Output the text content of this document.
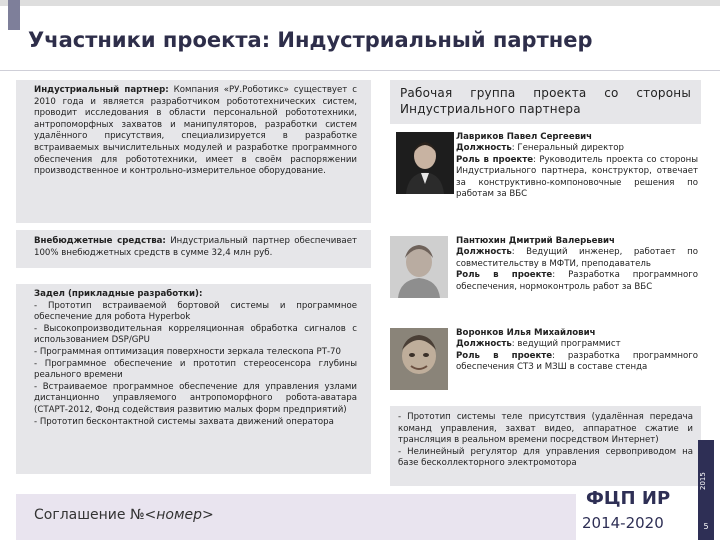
Участники проекта: Индустриальный партнер

Индустриальный партнер: Компания «РУ.Роботикс» существует с 2010 года и является разработчиком робототехнических систем, проводит исследования в области персональной робототехники, антропоморфных захватов и манипуляторов, разработки систем удалённого присутствия, специализируется в разработке встраиваемых вычислительных модулей и разработке программного обеспечения для робототехники, имеет в своём распоряжении производственное и контрольно-измерительное оборудование.

Внебюджетные средства: Индустриальный партнер обеспечивает 100% внебюджетных средств в сумме 32,4 млн руб.

Задел (прикладные разработки):

- Прототип встраиваемой бортовой системы и программное обеспечение для робота Hyperbok

- Высокопроизводительная корреляционная обработка сигналов с использованием DSP/GPU

- Программная оптимизация поверхности зеркала телескопа РТ-70

- Программное обеспечение и прототип стереосенсора глубины реального времени

- Встраиваемое программное обеспечение для управления узлами дистанционно управляемого антропоморфного робота-аватара (СТАРТ-2012, Фонд содействия развитию малых форм предприятий)

- Прототип бесконтактной системы захвата движений оператора

Рабочая группа проекта со стороны Индустриального партнера

Лавриков Павел Сергеевич

Должность: Генеральный директор

Роль в проекте: Руководитель проекта со стороны Индустриального партнера, конструктор, отвечает за конструктивно-компоновочные решения по работам за ВБС

Пантюхин Дмитрий Валерьевич

Должность: Ведущий инженер, работает по совместительству в МФТИ, преподаватель

Роль в проекте: Разработка программного обеспечения, нормоконтроль работ за ВБС

Воронков Илья Михайлович

Должность: ведущий программист

Роль в проекте: разработка программного обеспечения СТЗ и МЗШ в составе стенда

- Прототип системы теле присутствия (удалённая передача команд управления, захват видео, аппаратное сжатие и трансляция в реальном времени посредством Интернет)

- Нелинейный регулятор для управления сервоприводом на базе бесколлекторного электромотора

Соглашение №<номер>
ФЦП ИР
2014-2020
2015
5
